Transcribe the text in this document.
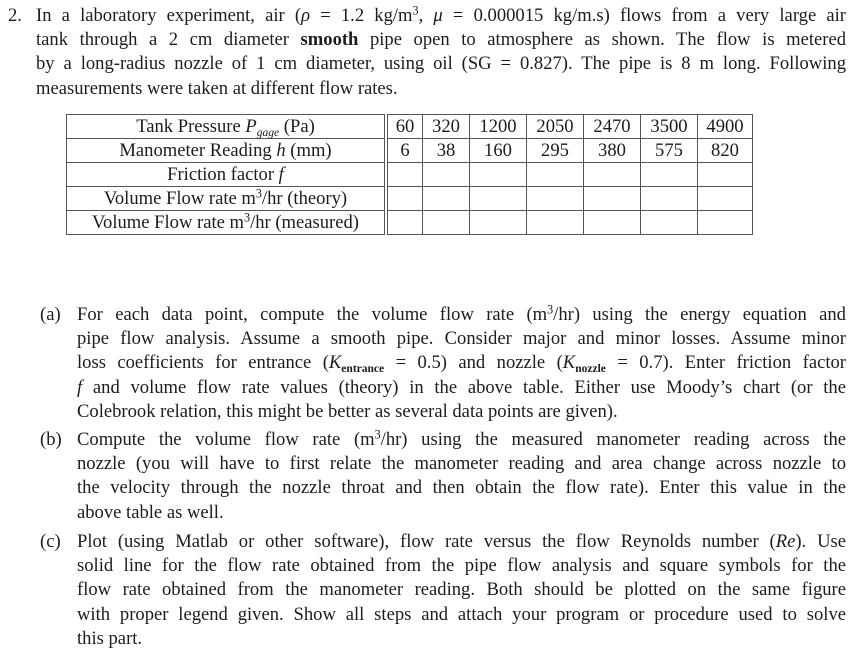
2. In a laboratory experiment, air (ρ = 1.2 $kg/m^3$, μ = 0.000015 kg/m.s) flows from a very large air
tank through a 2 cm diameter smooth pipe open to atmosphere as shown. The flow is metered
by a long-radius nozzle of 1 cm diameter, using oil (SG = 0.827). The pipe is 8 m long. Following
measurements were taken at different flow rates.
Tank Pressure $P_{gage}$ (Pa)	60	320	1200	2050	2470	3500	4900
Manometer Reading h (mm)	6	38	160	295	380	575	820
Friction factor f							
Volume Flow rate $m^3/hr$ (theory)							
Volume Flow rate $m^3/hr$ (measured)							
(a) For each data point, compute the volume flow rate $(m^3/hr)$ using the energy equation and
pipe flow analysis. Assume a smooth pipe. Consider major and minor losses. Assume minor
loss coefficients for entrance $(K_{entrance} = 0.5)$ and nozzle $(K_{nozzle} = 0.7)$. Enter friction factor
f and volume flow rate values (theory) in the above table. Either use Moody’s chart (or the
Colebrook relation, this might be better as several data points are given).
(b) Compute the volume flow rate $(m^3/hr)$ using the measured manometer reading across the
nozzle (you will have to first relate the manometer reading and area change across nozzle to
the velocity through the nozzle throat and then obtain the flow rate). Enter this value in the
above table as well.
(c) Plot (using Matlab or other software), flow rate versus the flow Reynolds number (Re). Use
solid line for the flow rate obtained from the pipe flow analysis and square symbols for the
flow rate obtained from the manometer reading. Both should be plotted on the same figure
with proper legend given. Show all steps and attach your program or procedure used to solve
this part.
